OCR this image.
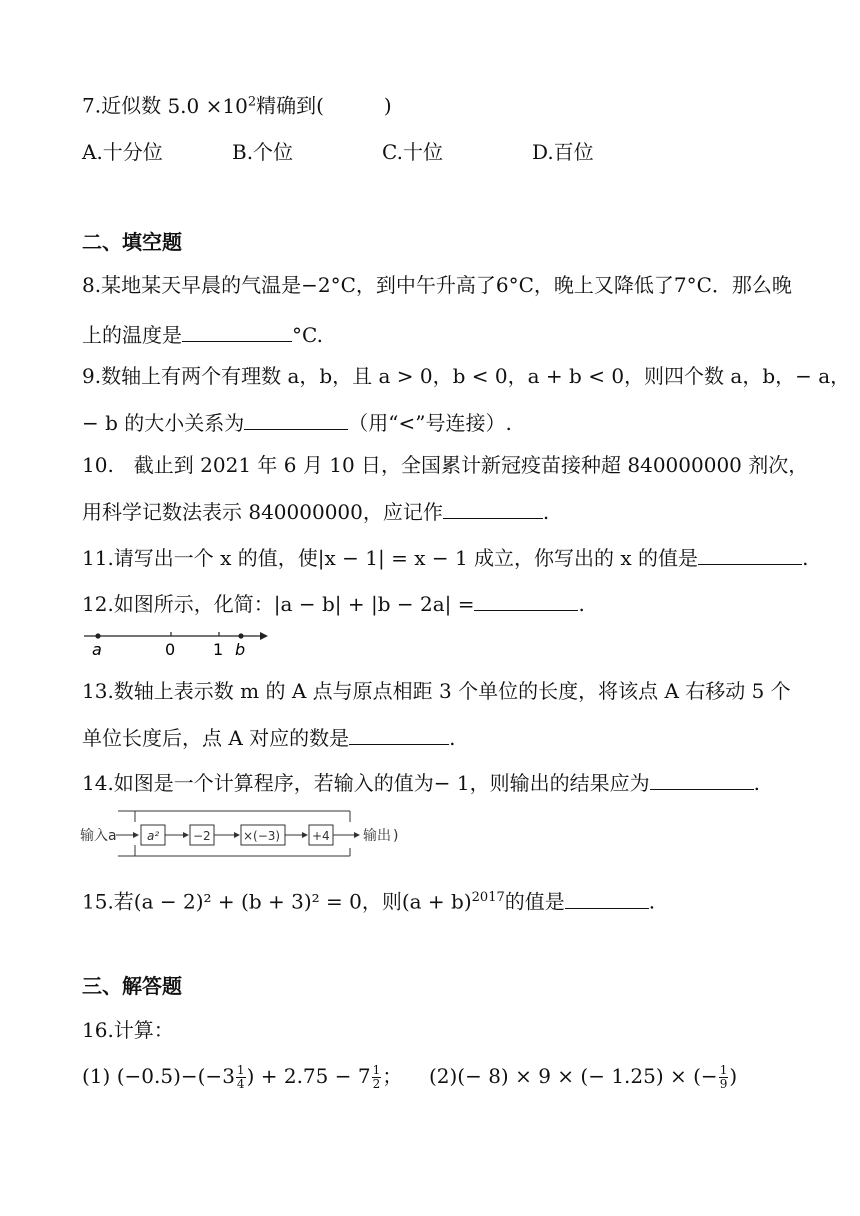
7.近似数 $5.0 \times 10^2$精确到(	)
A.十分位	B.个位	C.十位	D.百位
二、填空题
8.某地某天早晨的气温是−2°C，到中午升高了6°C，晚上又降低了7°C．那么晚
上的温度是	°C.
9.数轴上有两个有理数 a，b，且 a > 0，b < 0，a + b < 0，则四个数 a，b，− a，
− b 的大小关系为	（用“<”号连接）.
10.　截止到 2021 年 6 月 10 日，全国累计新冠疫苗接种超 840000000 剂次，
用科学记数法表示 840000000，应记作	.
11.请写出一个 x 的值，使|x − 1| = x − 1 成立，你写出的 x 的值是	.
12.如图所示，化简：|a − b| + |b − 2a| =	.
a	0 1 b
13.数轴上表示数 m 的 A 点与原点相距 3 个单位的长度，将该点 A 右移动 5 个
单位长度后，点 A 对应的数是	.
14.如图是一个计算程序，若输入的值为− 1，则输出的结果应为	.
输入a	a²	−2	×(−3)	+4 输出 )
15.若(a − 2)² + (b + 3)² = 0，则$(a + b)^{2017}$的值是	.
三、解答题
16.计算：
(1) $(-0.5)-(-3 \frac{1}{4}$ ) + $2.75 - 7 \frac{1}{2}$ ； (2)(− 8) × 9 × (− 1.25) × (− $\frac{1}{9}$ )
